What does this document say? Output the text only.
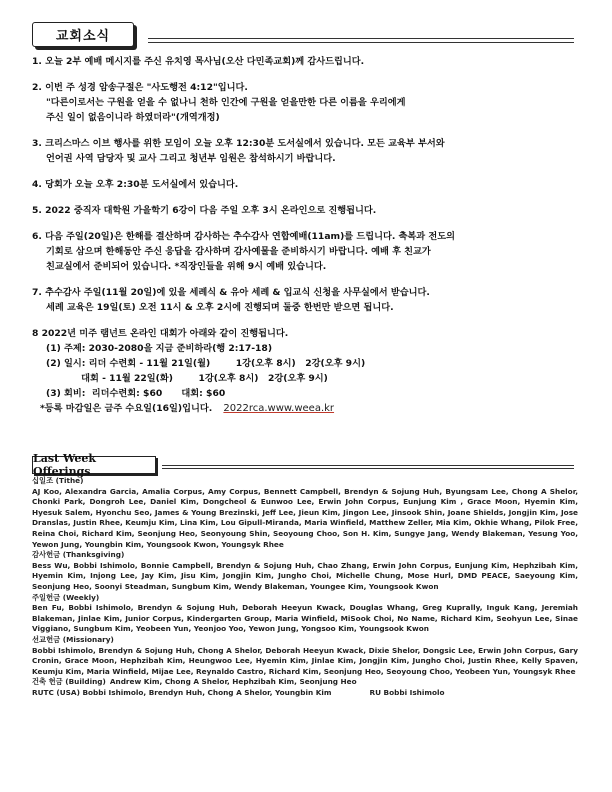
교회소식
1. 오늘 2부 예배 메시지를 주신 유치영 목사님(오산 다민족교회)께 감사드립니다.
2. 이번 주 성경 암송구절은 "사도행전 4:12"입니다.
"다른이로서는 구원을 얻을 수 없나니 천하 인간에 구원을 얻을만한 다른 이름을 우리에게
주신 일이 없음이니라 하였더라"(개역개정)
3. 크리스마스 이브 행사를 위한 모임이 오늘 오후 12:30분 도서실에서 있습니다. 모든 교육부 부서와
언어권 사역 담당자 및 교사 그리고 청년부 임원은 참석하시기 바랍니다.
4. 당회가 오늘 오후 2:30분 도서실에서 있습니다.
5. 2022 중직자 대학원 가을학기 6강이 다음 주일 오후 3시 온라인으로 진행됩니다.
6. 다음 주일(20일)은 한해를 결산하며 감사하는 추수감사 연합예배(11am)를 드립니다. 축복과 전도의
기회로 삼으며 한해동안 주신 응답을 감사하며 감사예물을 준비하시기 바랍니다. 예배 후 친교가
친교실에서 준비되어 있습니다. *직장인들을 위해 9시 예배 있습니다.
7. 추수감사 주일(11월 20일)에 있을 세례식 & 유아 세례 & 입교식 신청을 사무실에서 받습니다.
세례 교육은 19일(토) 오전 11시 & 오후 2시에 진행되며 둘중 한번만 받으면 됩니다.
8 2022년 미주 램넌트 온라인 대회가 아래와 같이 진행됩니다.
(1) 주제: 2030-2080을 지금 준비하라(행 2:17-18)
(2) 일시: 리더 수련회 - 11월 21일(월)        1강(오후 8시)   2강(오후 9시)
대회 - 11월 22일(화)        1강(오후 8시)   2강(오후 9시)
(3) 회비:  리더수련회: $60      대회: $60
*등록 마감일은 금주 수요일(16일)입니다. 2022rca.www.weea.kr
Last Week Offerings
십일조 (Tithe)
AJ Koo, Alexandra Garcia, Amalia Corpus, Amy Corpus, Bennett Campbell, Brendyn & Sojung Huh, Byungsam Lee, Chong A Shelor, Chonki Park, Dongroh Lee, Daniel Kim, Dongcheol & Eunwoo Lee, Erwin John Corpus, Eunjung Kim , Grace Moon, Hyemin Kim, Hyesuk Salem, Hyonchu Seo, James & Young Brezinski, Jeff Lee, Jieun Kim, Jingon Lee, Jinsook Shin, Joane Shields, Jongjin Kim, Jose Dranslas, Justin Rhee, Keumju Kim, Lina Kim, Lou Gipull-Miranda, Maria Winfield, Matthew Zeller, Mia Kim, Okhie Whang, Pilok Free, Reina Choi, Richard Kim, Seonjung Heo, Seonyoung Shin, Seoyoung Choo, Son H. Kim, Sungye Jang, Wendy Blakeman, Yesung Yoo, Yewon Jung, Youngbin Kim, Youngsook Kwon, Youngsyk Rhee
감사헌금 (Thanksgiving)
Bess Wu, Bobbi Ishimolo, Bonnie Campbell, Brendyn & Sojung Huh, Chao Zhang, Erwin John Corpus, Eunjung Kim, Hephzibah Kim, Hyemin Kim, Injong Lee, Jay Kim, Jisu Kim, Jongjin Kim, Jungho Choi, Michelle Chung, Mose Hurl, DMD PEACE, Saeyoung Kim, Seonjung Heo, Soonyi Steadman, Sungbum Kim, Wendy Blakeman, Youngee Kim, Youngsook Kwon
주일헌금 (Weekly)
Ben Fu, Bobbi Ishimolo, Brendyn & Sojung Huh, Deborah Heeyun Kwack, Douglas Whang, Greg Kuprally, Inguk Kang, Jeremiah Blakeman, Jinlae Kim, Junior Corpus, Kindergarten Group, Maria Winfield, MiSook Choi, No Name, Richard Kim, Seohyun Lee, Sinae Viggiano, Sungbum Kim, Yeobeen Yun, Yeonjoo Yoo, Yewon Jung, Yongsoo Kim, Youngsook Kwon
선교헌금 (Missionary)
Bobbi Ishimolo, Brendyn & Sojung Huh, Chong A Shelor, Deborah Heeyun Kwack, Dixie Shelor, Dongsic Lee, Erwin John Corpus, Gary Cronin, Grace Moon, Hephzibah Kim, Heungwoo Lee, Hyemin Kim, Jinlae Kim, Jongjin Kim, Jungho Choi, Justin Rhee, Kelly Spaven, Keumju Kim, Maria Winfield, Mijae Lee, Reynaldo Castro, Richard Kim, Seonjung Heo, Seoyoung Choo, Yeobeen Yun, Youngsyk Rhee
건축 헌금 (Building) Andrew Kim, Chong A Shelor, Hephzibah Kim, Seonjung Heo
RUTC (USA) Bobbi Ishimolo, Brendyn Huh, Chong A Shelor, Youngbin Kim	RU Bobbi Ishimolo
